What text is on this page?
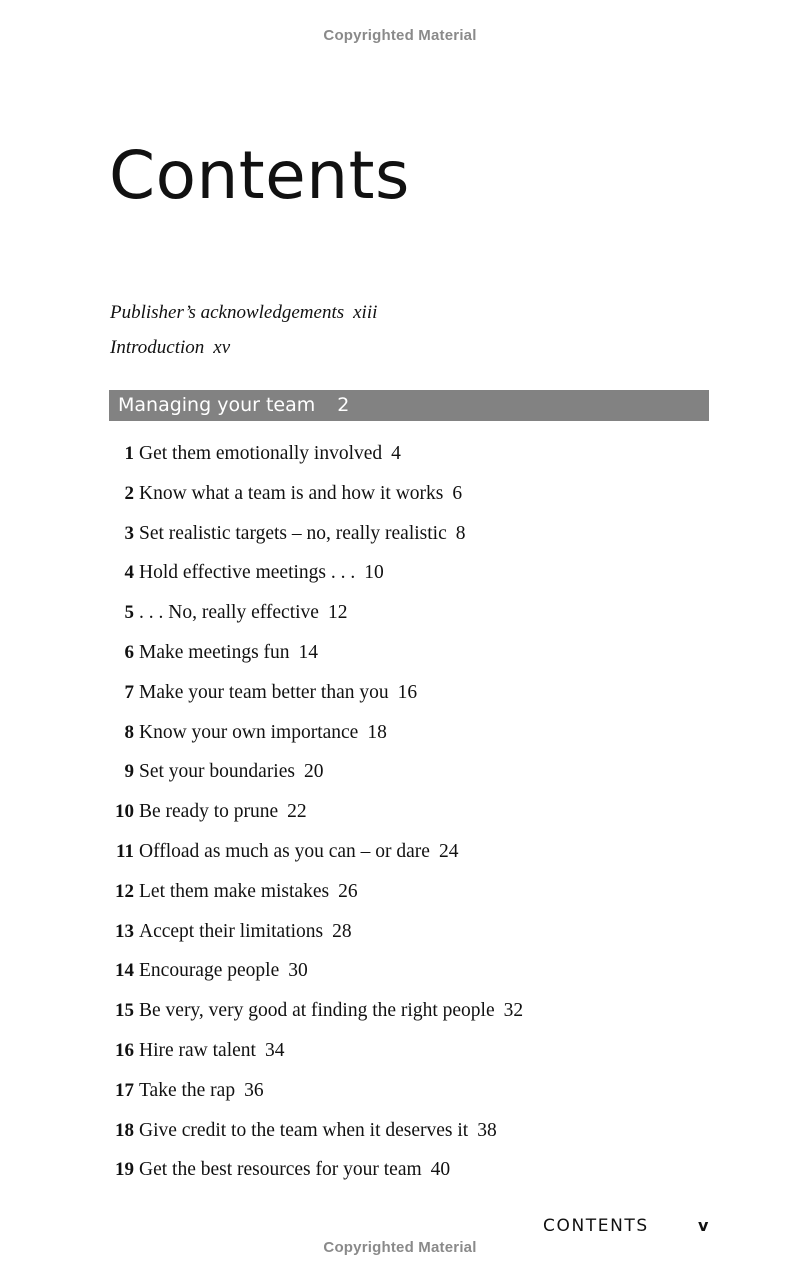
Copyrighted Material
Contents
Publisher’s acknowledgements xiii
Introduction xv
Managing your team 2
1 Get them emotionally involved 4
2 Know what a team is and how it works 6
3 Set realistic targets – no, really realistic 8
4 Hold effective meetings . . . 10
5 . . . No, really effective 12
6 Make meetings fun 14
7 Make your team better than you 16
8 Know your own importance 18
9 Set your boundaries 20
10 Be ready to prune 22
11 Offload as much as you can – or dare 24
12 Let them make mistakes 26
13 Accept their limitations 28
14 Encourage people 30
15 Be very, very good at finding the right people 32
16 Hire raw talent 34
17 Take the rap 36
18 Give credit to the team when it deserves it 38
19 Get the best resources for your team 40
CONTENTS	v
Copyrighted Material
